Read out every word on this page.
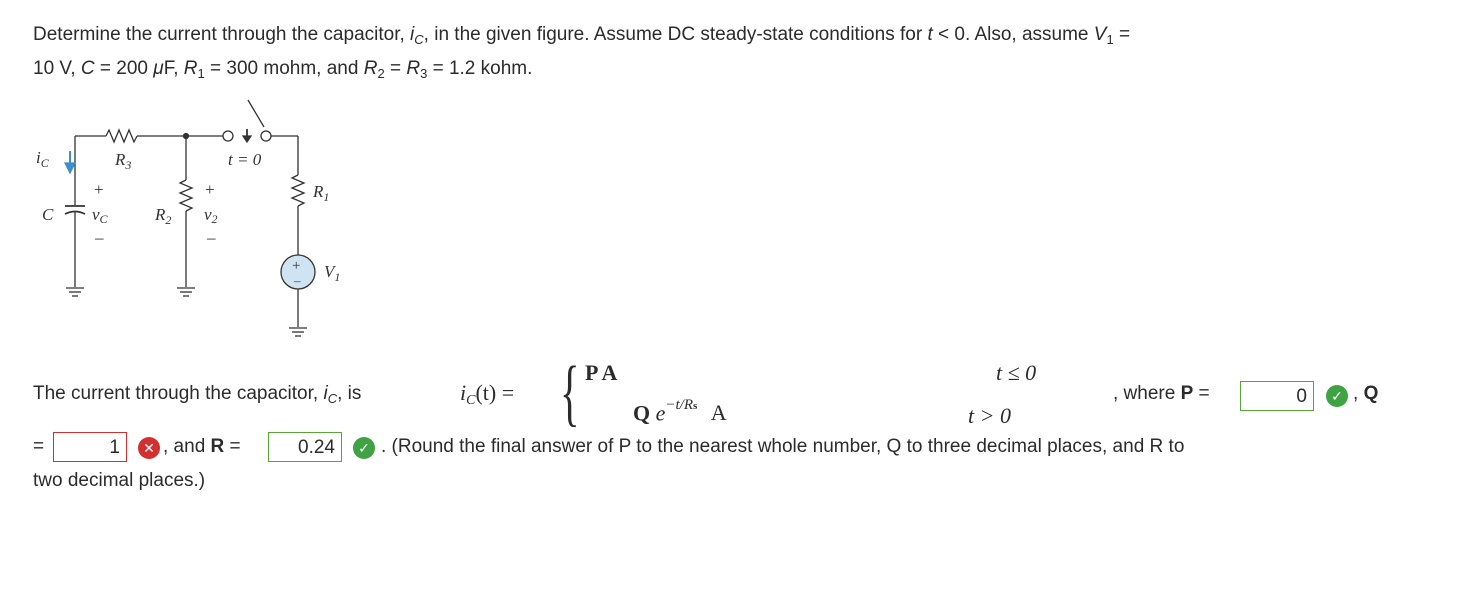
Determine the current through the capacitor, $i_C$, in the given figure. Assume DC steady-state conditions for t < 0. Also, assume $V_1$ =
10 V, C = 200 μF, $R_1 = 300$ mohm, and $R_2 = R_3 = 1.2$ kohm.
$i_C$	$R_3$	t = 0
+
C vC
–
$R_2$
+
v2
–
$R_1$
$V_1$
+
–
The current through the capacitor, $i_C$, is	$i_C(t)$ = { P A	t ≤ 0
Q $e^{-t/Rs}$ A	t > 0
, where P =	0	✓ , Q
=	1	✕ , and R =	0.24	✓ . (Round the final answer of P to the nearest whole number, Q to three decimal places, and R to
two decimal places.)
